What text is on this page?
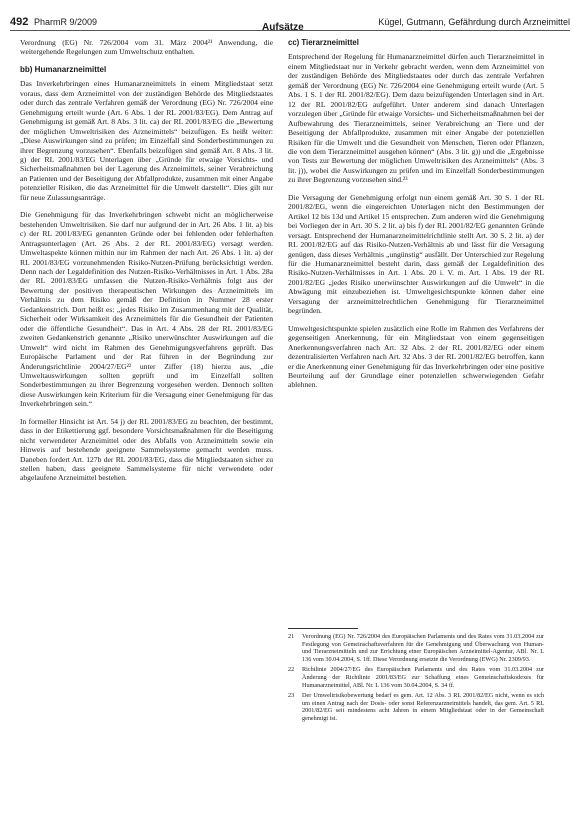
492 PharmR 9/2009	Aufsätze	Kügel, Gutmann, Gefährdung durch Arzneimittel

Verordnung (EG) Nr. 726/2004 vom 31. März 2004²¹ Anwendung, die weitergehende Regelungen zum Umweltschutz enthalten.

bb) Humanarzneimittel

Das Inverkehrbringen eines Humanarzneimittels in einem Mitgliedstaat setzt voraus, dass dem Arzneimittel von der zuständigen Behörde des Mitgliedstaates oder durch das zentrale Verfahren gemäß der Verordnung (EG) Nr. 726/2004 eine Genehmigung erteilt wurde (Art. 6 Abs. 1 der RL 2001/83/EG). Dem Antrag auf Genehmigung ist gemäß Art. 8 Abs. 3 lit. ca) der RL 2001/83/EG die „Bewertung der möglichen Umweltrisiken des Arzneimittels“ beizufügen. Es heißt weiter: „Diese Auswirkungen sind zu prüfen; im Einzelfall sind Sonderbestimmungen zu ihrer Begrenzung vorzusehen“. Ebenfalls beizufügen sind gemäß Art. 8 Abs. 3 lit. g) der RL 2001/83/EG Unterlagen über „Gründe für etwaige Vorsichts- und Sicherheitsmaßnahmen bei der Lagerung des Arzneimittels, seiner Verabreichung an Patienten und der Beseitigung der Abfallprodukte, zusammen mit einer Angabe potenzieller Risiken, die das Arzneimittel für die Umwelt darstellt“. Dies gilt nur für neue Zulassungsanträge.

Die Genehmigung für das Inverkehrbringen schwebt nicht an möglicherweise bestehenden Umweltrisiken. Sie darf nur aufgrund der in Art. 26 Abs. 1 lit. a) bis c) der RL 2001/83/EG genannten Gründe oder bei fehlenden oder fehlerhaften Antragsunterlagen (Art. 26 Abs. 2 der RL 2001/83/EG) versagt werden. Umweltaspekte können mithin nur im Rahmen der nach Art. 26 Abs. 1 lit. a) der RL 2001/83/EG vorzunehmenden Risiko-Nutzen-Prüfung berücksichtigt werden. Denn nach der Legaldefinition des Nutzen-Risiko-Verhältnisses in Art. 1 Abs. 28a der RL 2001/83/EG umfassen die Nutzen-Risiko-Verhältnis folgt aus der Bewertung der positiven therapeutischen Wirkungen des Arzneimittels im Verhältnis zu dem Risiko gemäß der Definition in Nummer 28 erster Gedankenstrich. Dort heißt es: „jedes Risiko im Zusammenhang mit der Qualität, Sicherheit oder Wirksamkeit des Arzneimittels für die Gesundheit der Patienten oder die öffentliche Gesundheit“. Das in Art. 4 Abs. 28 der RL 2001/83/EG zweiten Gedankenstrich genannte „Risiko unerwünschter Auswirkungen auf die Umwelt“ wird nicht im Rahmen des Genehmigungsverfahrens geprüft. Das Europäische Parlament und der Rat führen in der Begründung zur Änderungsrichtlinie 2004/27/EG²² unter Ziffer (18) hierzu aus, „die Umweltauswirkungen sollten geprüft und im Einzelfall sollten Sonderbestimmungen zu ihrer Begrenzung vorgesehen werden. Dennoch sollten diese Auswirkungen kein Kriterium für die Versagung einer Genehmigung für das Inverkehrbringen sein.“

In formeller Hinsicht ist Art. 54 j) der RL 2001/83/EG zu beachten, der bestimmt, dass in der Etikettierung ggf. besondere Vorsichtsmaßnahmen für die Beseitigung nicht verwendeter Arzneimittel oder des Abfalls von Arzneimitteln sowie ein Hinweis auf bestehende geeignete Sammelsysteme gemacht werden muss. Daneben fordert Art. 127b der RL 2001/83/EG, dass die Mitgliedstaaten sicher zu stellen haben, dass geeignete Sammelsysteme für nicht verwendete oder abgelaufene Arzneimittel bestehen.

cc) Tierarzneimittel

Entsprechend der Regelung für Humanarzneimittel dürfen auch Tierarzneimittel in einem Mitgliedstaat nur in Verkehr gebracht werden, wenn dem Arzneimittel von der zuständigen Behörde des Mitgliedstaates oder durch das zentrale Verfahren gemäß der Verordnung (EG) Nr. 726/2004 eine Genehmigung erteilt wurde (Art. 5 Abs. 1 S. 1 der RL 2001/82/EG). Dem dazu beizufügenden Unterlagen sind in Art. 12 der RL 2001/82/EG aufgeführt. Unter anderem sind danach Unterlagen vorzulegen über „Gründe für etwaige Vorsichts- und Sicherheitsmaßnahmen bei der Aufbewahrung des Tierarzneimittels, seiner Verabreichung an Tiere und der Beseitigung der Abfallprodukte, zusammen mit einer Angabe der potenziellen Risiken für die Umwelt und die Gesundheit von Menschen, Tieren oder Pflanzen, die von dem Tierarzneimittel ausgehen können“ (Abs. 3 lit. g)) und die „Ergebnisse von Tests zur Bewertung der möglichen Umweltrisiken des Arzneimittels“ (Abs. 3 lit. j)), wobei die Auswirkungen zu prüfen und im Einzelfall Sonderbestimmungen zu ihrer Begrenzung vorzusehen sind.²³

Die Versagung der Genehmigung erfolgt nun einem gemäß Art. 30 S. 1 der RL 2001/82/EG, wenn die eingereichten Unterlagen nicht den Bestimmungen der Artikel 12 bis 13d und Artikel 15 entsprechen. Zum anderen wird die Genehmigung bei Vorliegen der in Art. 30 S. 2 lit. a) bis f) der RL 2001/82/EG genannten Gründe versagt. Entsprechend der Humanarzneimittelrichtlinie stellt Art. 30 S. 2 lit. a) der RL 2001/82/EG auf das Risiko-Nutzen-Verhältnis ab und lässt für die Versagung genügen, dass dieses Verhältnis „ungünstig“ ausfällt. Der Unterschied zur Regelung für die Humanarzneimittel besteht darin, dass gemäß der Legaldefinition des Risiko-Nutzen-Verhältnisses in Art. 1 Abs. 20 i. V. m. Art. 1 Abs. 19 der RL 2001/82/EG „jedes Risiko unerwünschter Auswirkungen auf die Umwelt“ in die Abwägung mit einzubeziehen ist. Umweltgesichtspunkte können daher eine Versagung der arzneimittelrechtlichen Genehmigung für Tierarzneimittel begründen.

Umweltgesichtspunkte spielen zusätzlich eine Rolle im Rahmen des Verfahrens der gegenseitigen Anerkennung, für ein Mitgliedstaat von einem gegenseitigen Anerkennungsverfahren nach Art. 32 Abs. 2 der RL 2001/82/EG oder einem dezentralisierten Verfahren nach Art. 32 Abs. 3 der RL 2001/82/EG betroffen, kann er die Anerkennung einer Genehmigung für das Inverkehrbringen oder eine positive Beurteilung auf der Grundlage einer potenziellen schwerwiegenden Gefahr ablehnen.

21	Verordnung (EG) Nr. 726/2004 des Europäischen Parlaments und des Rates vom 31.03.2004 zur Festlegung von Gemeinschaftsverfahren für die Genehmigung und Überwachung von Human- und Tierarzneimitteln und zur Errichtung einer Europäischen Arzneimittel-Agentur, ABl. Nr. L 136 vom 30.04.2004, S. 1ff. Diese Verordnung ersetzte die Verordnung (EWG) Nr. 2309/93.
22	Richtlinie 2004/27/EG des Europäischen Parlaments und des Rates vom 31.03.2004 zur Änderung der Richtlinie 2001/83/EG zur Schaffung eines Gemeinschaftskodexes für Humanarzneimittel, ABl. Nr. L 136 vom 30.04.2004, S. 34 ff.
23	Der Umweltrisikobewertung bedarf es gem. Art. 12 Abs. 3 RL 2001/82/EG nicht, wenn es sich um einen Antrag nach der Dosis- oder sonst Referenzarzneimittels handelt, das gem. Art. 5 RL 2001/82/EG seit mindestens acht Jahren in einem Mitgliedstaat oder in der Gemeinschaft genehmigt ist.
